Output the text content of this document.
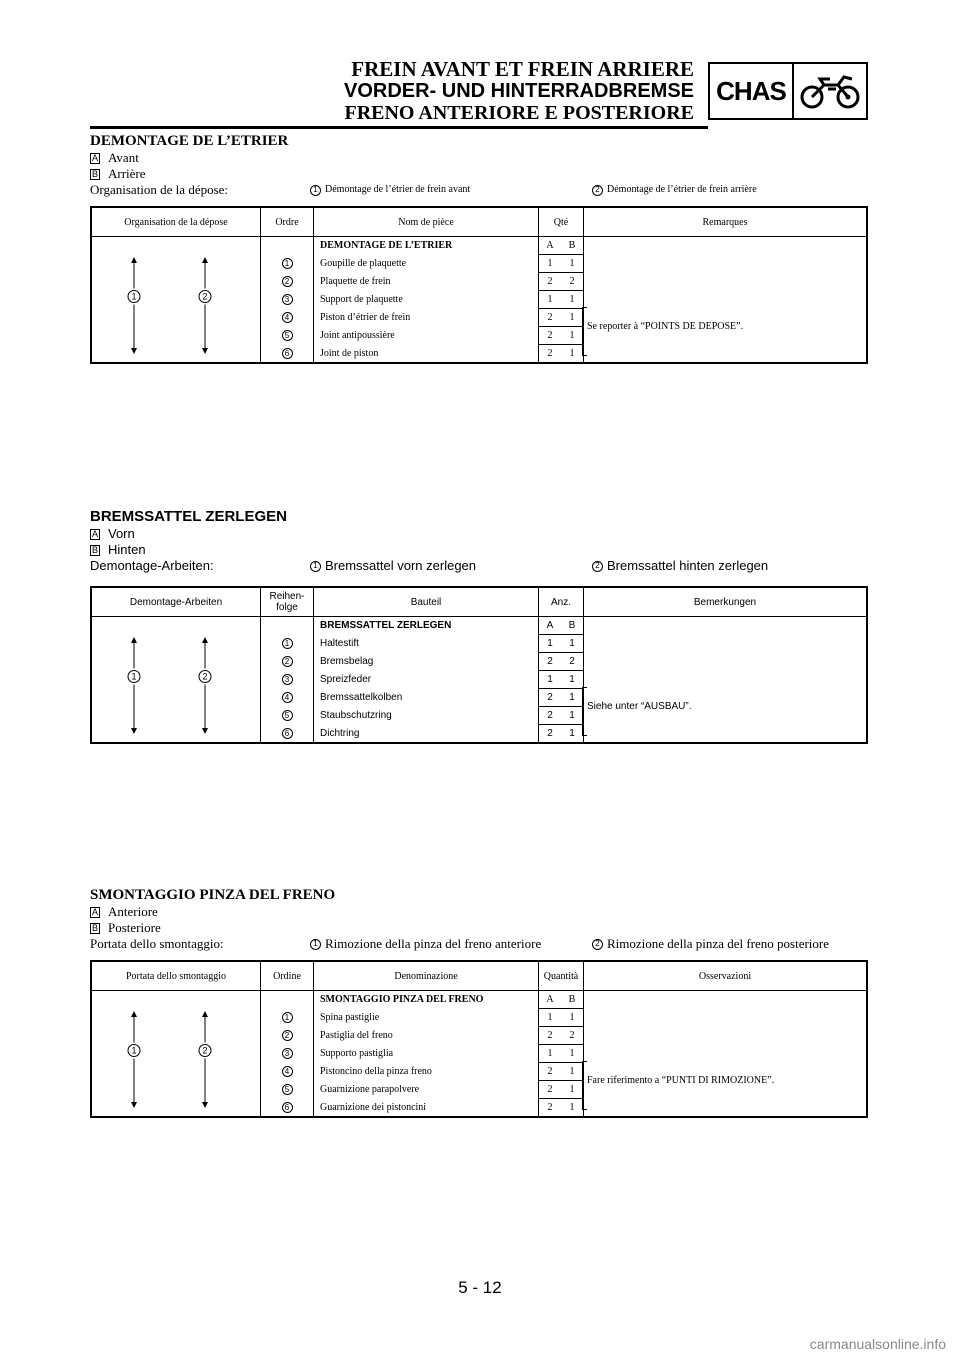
FREIN AVANT ET FREIN ARRIERE
VORDER- UND HINTERRADBREMSE
FRENO ANTERIORE E POSTERIORE
CHAS
DEMONTAGE DE L’ETRIER
A Avant
B Arrière
Organisation de la dépose:	1 Démontage de l’étrier de frein avant	2 Démontage de l’étrier de frein arrière
Organisation de la dépose	Ordre	Nom de pièce	Qté		Remarques

1 2		DEMONTAGE DE L’ETRIER	A	B	Se reporter à “POINTS DE DEPOSE”.

	1	Goupille de plaquette	1	1	
	2	Plaquette de frein	2	2	
	3	Support de plaquette	1	1	
	4	Piston d’étrier de frein	2	1	
	5	Joint antipoussière	2	1	
	6	Joint de piston	2	1	
BREMSSATTEL ZERLEGEN
A Vorn
B Hinten
Demontage-Arbeiten:	1 Bremssattel vorn zerlegen	2 Bremssattel hinten zerlegen
Demontage-Arbeiten	Reihen-
folge	Bauteil	Anz.		Bemerkungen

1 2		BREMSSATTEL ZERLEGEN	A	B	Siehe unter “AUSBAU”.

	1	Haltestift	1	1	
	2	Bremsbelag	2	2	
	3	Spreizfeder	1	1	
	4	Bremssattelkolben	2	1	
	5	Staubschutzring	2	1	
	6	Dichtring	2	1	
SMONTAGGIO PINZA DEL FRENO
A Anteriore
B Posteriore
Portata dello smontaggio:	1 Rimozione della pinza del freno anteriore	2 Rimozione della pinza del freno posteriore
Portata dello smontaggio	Ordine	Denominazione	Quantità		Osservazioni

1 2		SMONTAGGIO PINZA DEL FRENO	A	B	Fare riferimento a “PUNTI DI RIMOZIONE”.

	1	Spina pastiglie	1	1	
	2	Pastiglia del freno	2	2	
	3	Supporto pastiglia	1	1	
	4	Pistoncino della pinza freno	2	1	
	5	Guarnizione parapolvere	2	1	
	6	Guarnizione dei pistoncini	2	1	
5 - 12
carmanualsonline.info
